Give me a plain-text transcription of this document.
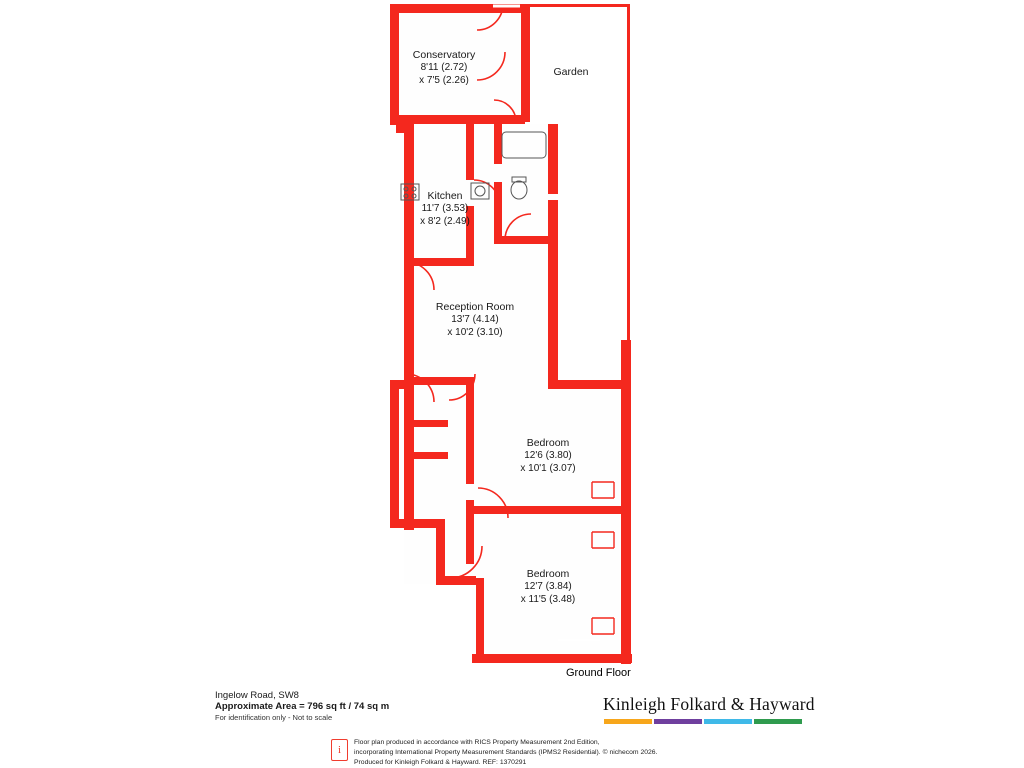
Conservatory
8'11 (2.72)
x 7'5 (2.26)
Garden
Kitchen
11'7 (3.53)
x 8'2 (2.49)
Reception Room
13'7 (4.14)
x 10'2 (3.10)
Bedroom
12'6 (3.80)
x 10'1 (3.07)
Bedroom
12'7 (3.84)
x 11'5 (3.48)
Ground Floor
Ingelow Road, SW8
Approximate Area = 796 sq ft / 74 sq m
For identification only - Not to scale
Kinleigh Folkard & Hayward
i
Floor plan produced in accordance with RICS Property Measurement 2nd Edition,
incorporating International Property Measurement Standards (IPMS2 Residential). © nichecom 2026.
Produced for Kinleigh Folkard & Hayward. REF: 1370291
